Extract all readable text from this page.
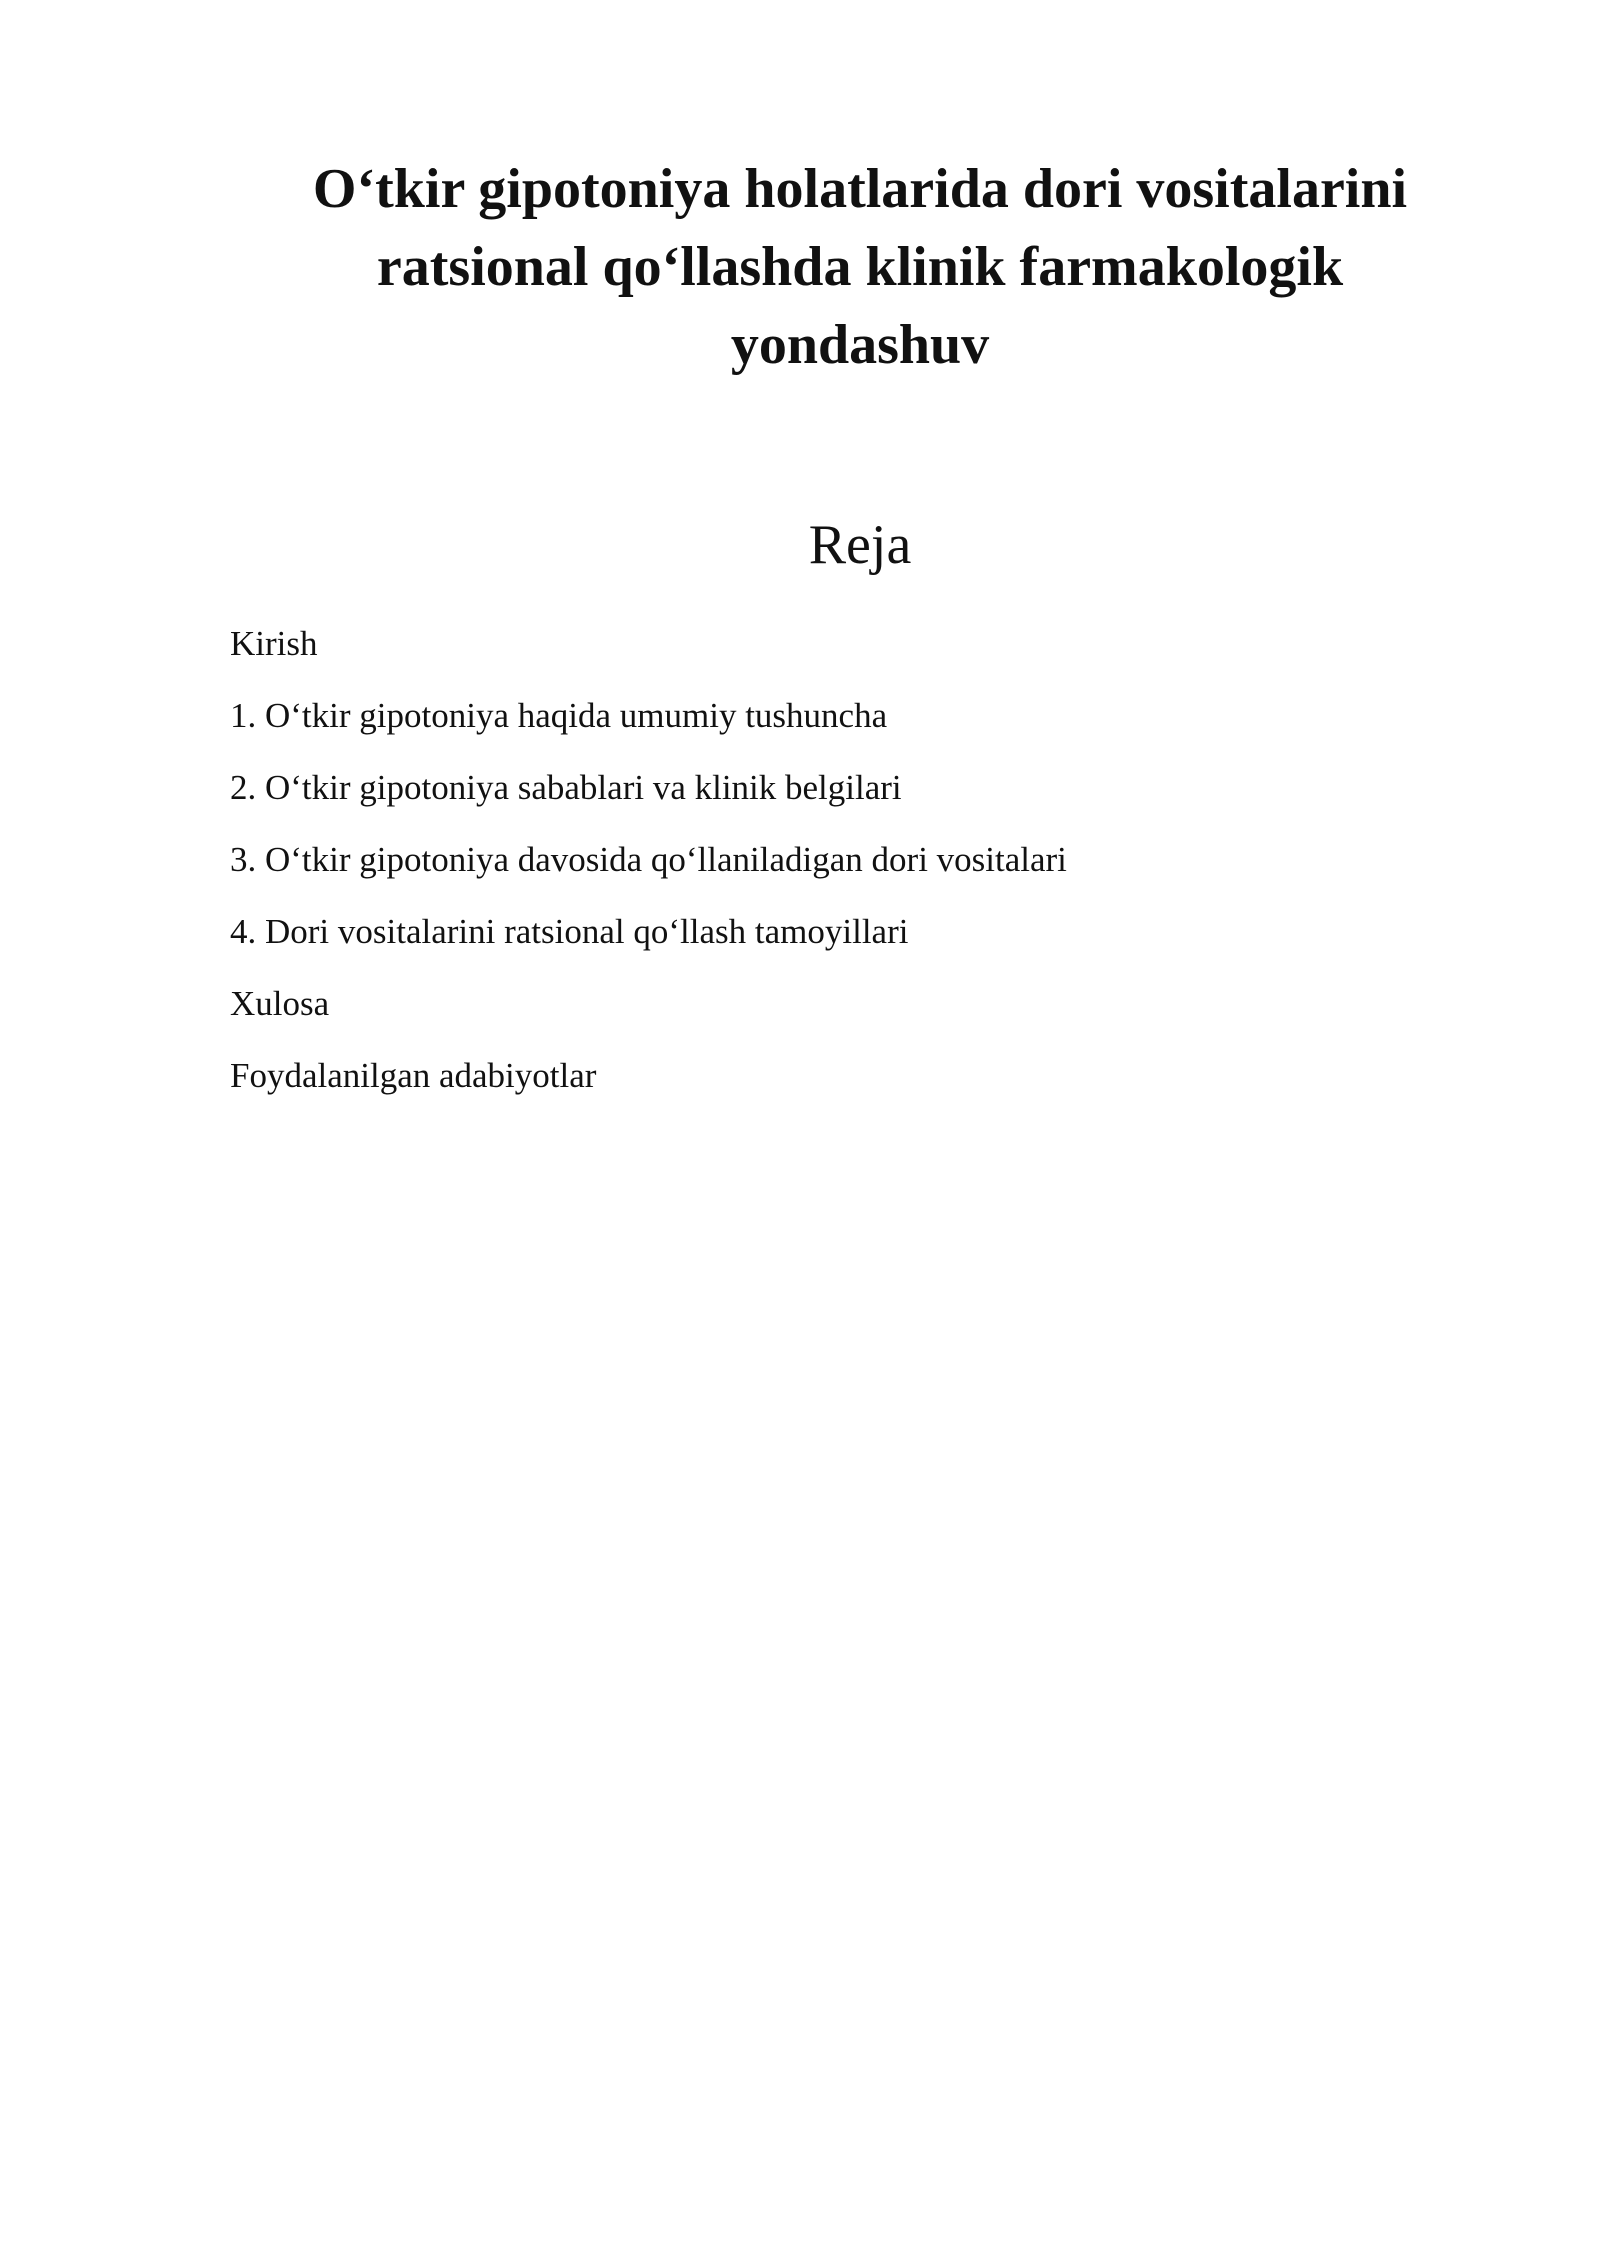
O‘tkir gipotoniya holatlarida dori vositalarini
ratsional qo‘llashda klinik farmakologik
yondashuv
Reja
Kirish
1. O‘tkir gipotoniya haqida umumiy tushuncha
2. O‘tkir gipotoniya sabablari va klinik belgilari
3. O‘tkir gipotoniya davosida qo‘llaniladigan dori vositalari
4. Dori vositalarini ratsional qo‘llash tamoyillari
Xulosa
Foydalanilgan adabiyotlar
